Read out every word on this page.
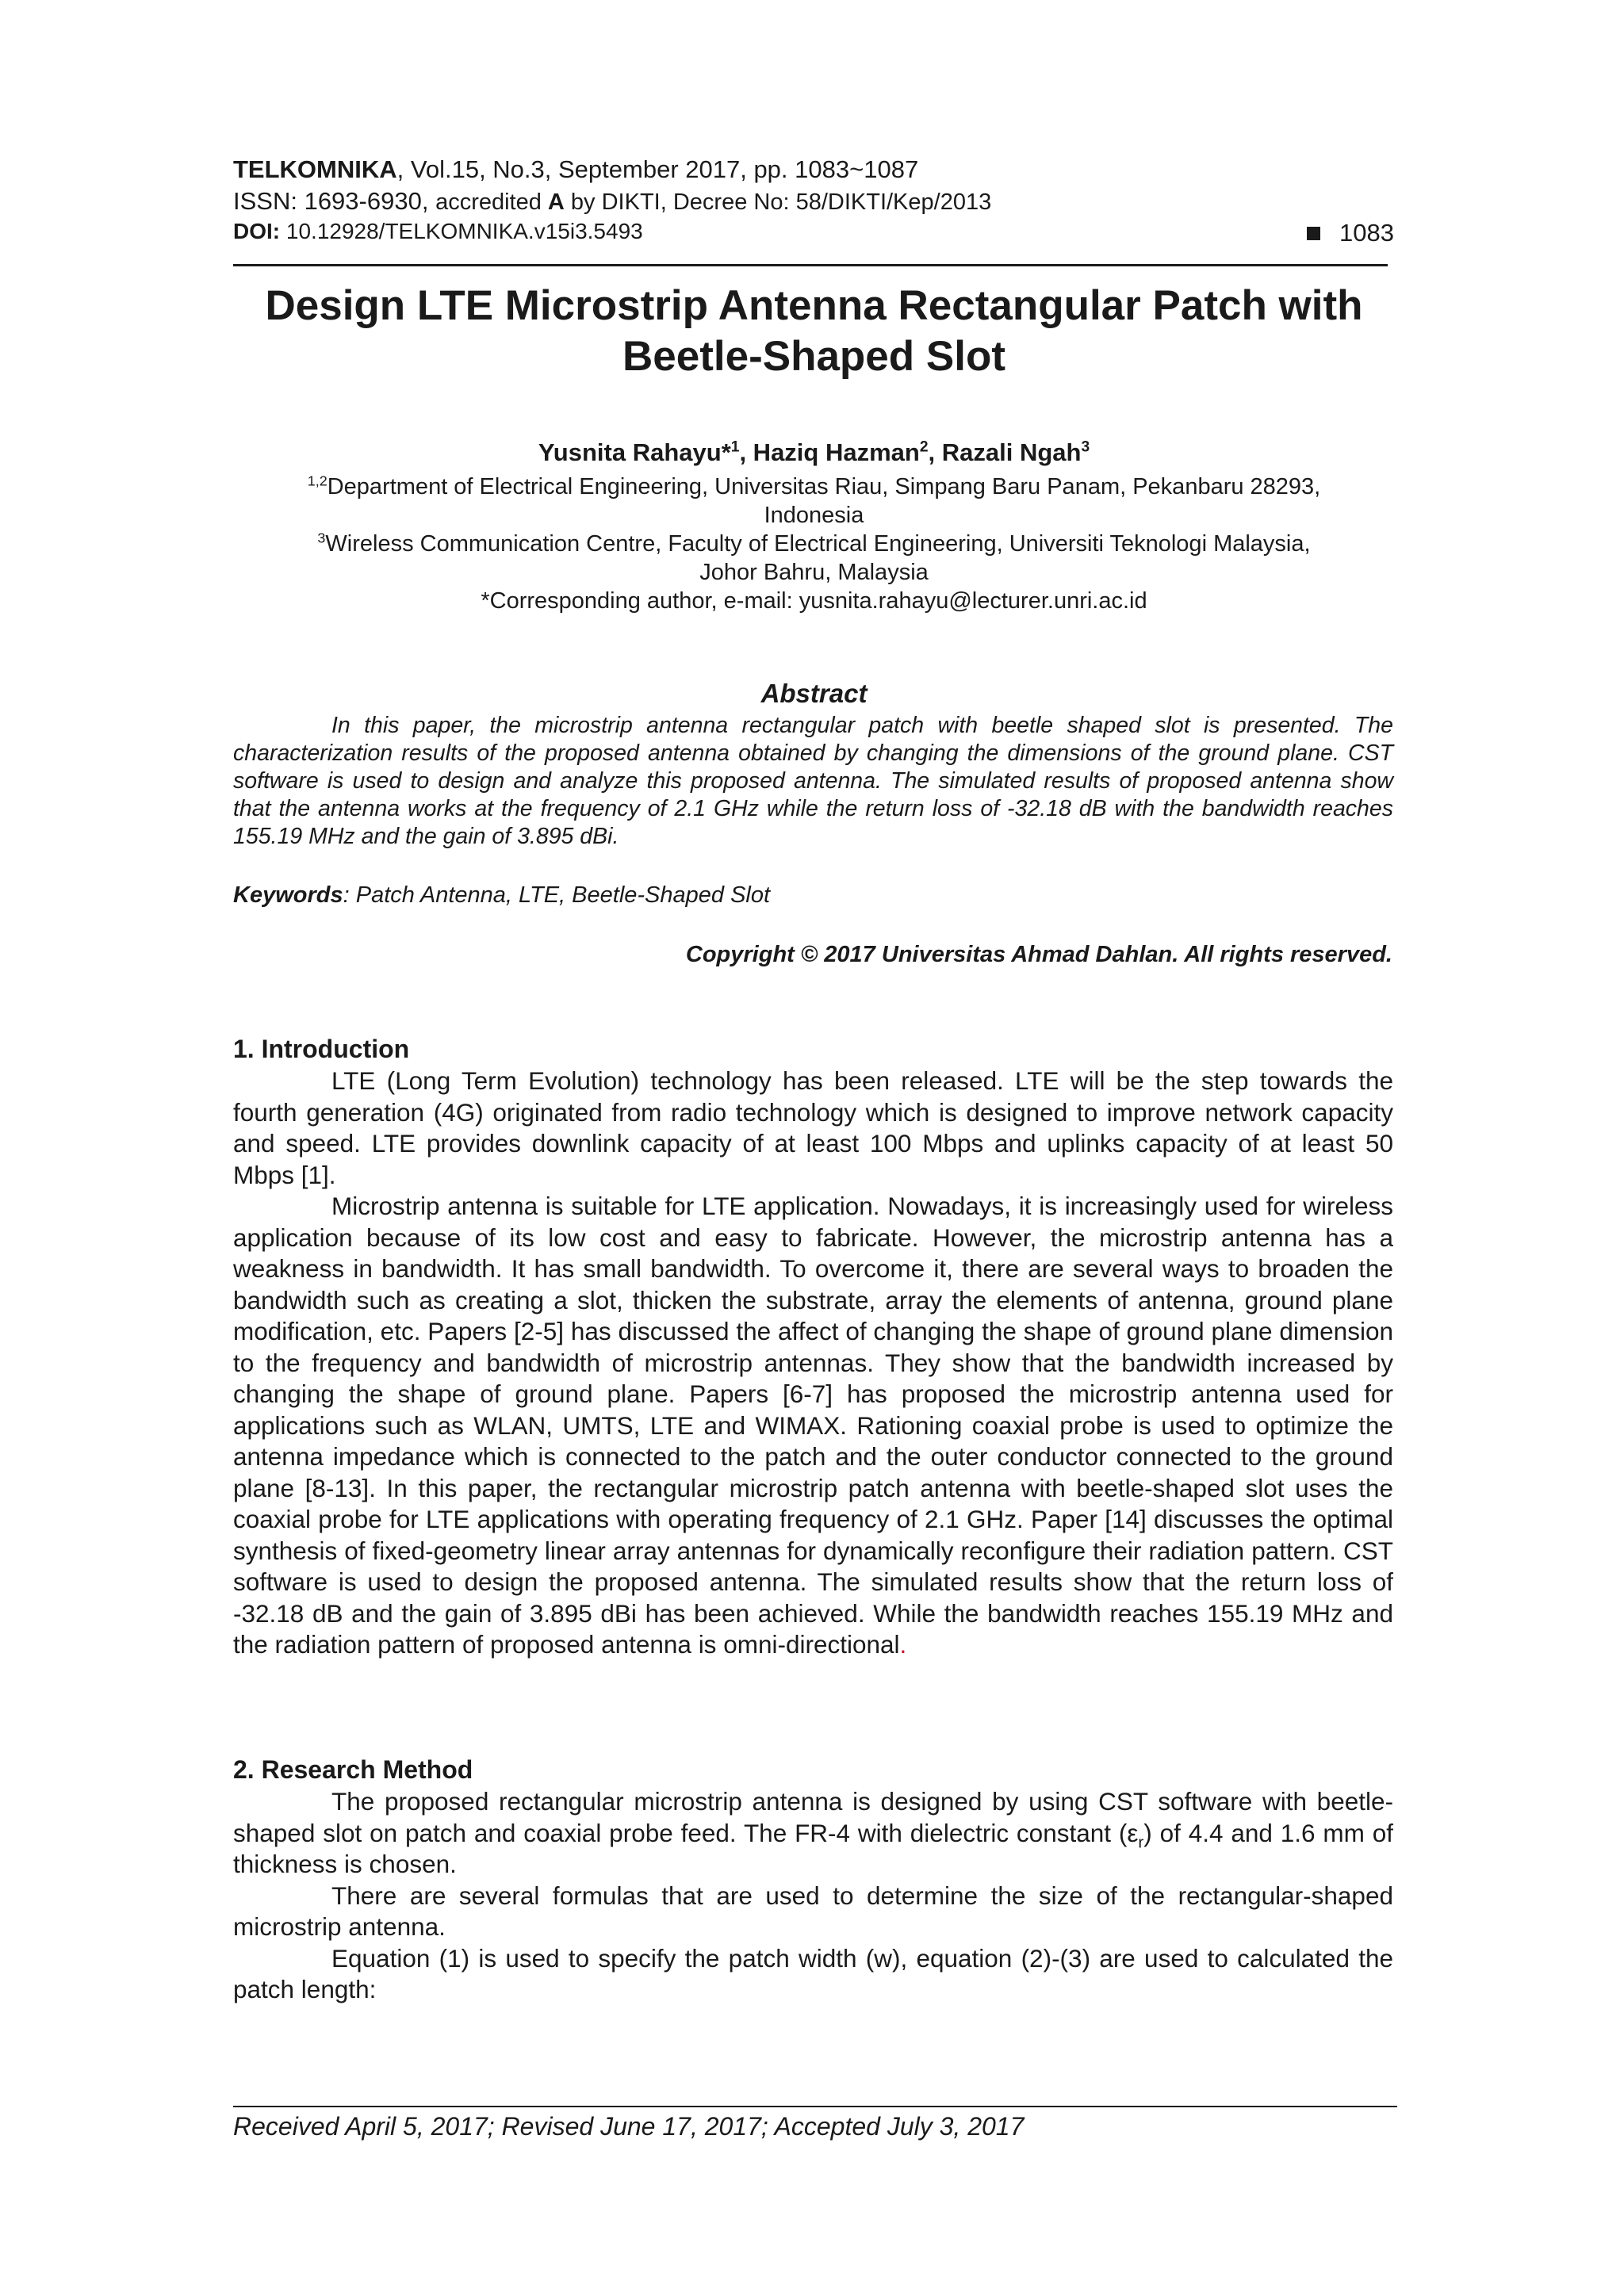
TELKOMNIKA, Vol.15, No.3, September 2017, pp. 1083~1087
ISSN: 1693-6930, accredited A by DIKTI, Decree No: 58/DIKTI/Kep/2013
DOI: 10.12928/TELKOMNIKA.v15i3.5493	1083
Design LTE Microstrip Antenna Rectangular Patch with
Beetle-Shaped Slot
Yusnita Rahayu*$^1$, Haziq Hazman$^2$, Razali Ngah$^3$
$^{1,2}$Department of Electrical Engineering, Universitas Riau, Simpang Baru Panam, Pekanbaru 28293,
Indonesia
$^3$Wireless Communication Centre, Faculty of Electrical Engineering, Universiti Teknologi Malaysia,
Johor Bahru, Malaysia
*Corresponding author, e-mail: yusnita.rahayu@lecturer.unri.ac.id
Abstract
In this paper, the microstrip antenna rectangular patch with beetle shaped slot is presented. The characterization results of the proposed antenna obtained by changing the dimensions of the ground plane. CST software is used to design and analyze this proposed antenna. The simulated results of proposed antenna show that the antenna works at the frequency of 2.1 GHz while the return loss of -32.18 dB with the bandwidth reaches 155.19 MHz and the gain of 3.895 dBi.
Keywords: Patch Antenna, LTE, Beetle-Shaped Slot
Copyright © 2017 Universitas Ahmad Dahlan. All rights reserved.
1. Introduction

LTE (Long Term Evolution) technology has been released. LTE will be the step towards the fourth generation (4G) originated from radio technology which is designed to improve network capacity and speed. LTE provides downlink capacity of at least 100 Mbps and uplinks capacity of at least 50 Mbps [1].

Microstrip antenna is suitable for LTE application. Nowadays, it is increasingly used for wireless application because of its low cost and easy to fabricate. However, the microstrip antenna has a weakness in bandwidth. It has small bandwidth. To overcome it, there are several ways to broaden the bandwidth such as creating a slot, thicken the substrate, array the elements of antenna, ground plane modification, etc. Papers [2-5] has discussed the affect of changing the shape of ground plane dimension to the frequency and bandwidth of microstrip antennas. They show that the bandwidth increased by changing the shape of ground plane. Papers [6-7] has proposed the microstrip antenna used for applications such as WLAN, UMTS, LTE and WIMAX. Rationing coaxial probe is used to optimize the antenna impedance which is connected to the patch and the outer conductor connected to the ground plane [8-13]. In this paper, the rectangular microstrip patch antenna with beetle-shaped slot uses the coaxial probe for LTE applications with operating frequency of 2.1 GHz. Paper [14] discusses the optimal synthesis of fixed-geometry linear array antennas for dynamically reconfigure their radiation pattern. CST software is used to design the proposed antenna. The simulated results show that the return loss of -32.18 dB and the gain of 3.895 dBi has been achieved. While the bandwidth reaches 155.19 MHz and the radiation pattern of proposed antenna is omni-directional.

2. Research Method

The proposed rectangular microstrip antenna is designed by using CST software with beetle-shaped slot on patch and coaxial probe feed. The FR-4 with dielectric constant $(\varepsilon_r)$ of 4.4 and 1.6 mm of thickness is chosen.

There are several formulas that are used to determine the size of the rectangular-shaped microstrip antenna.

Equation (1) is used to specify the patch width (w), equation (2)-(3) are used to calculated the patch length:

Received April 5, 2017; Revised June 17, 2017; Accepted July 3, 2017
